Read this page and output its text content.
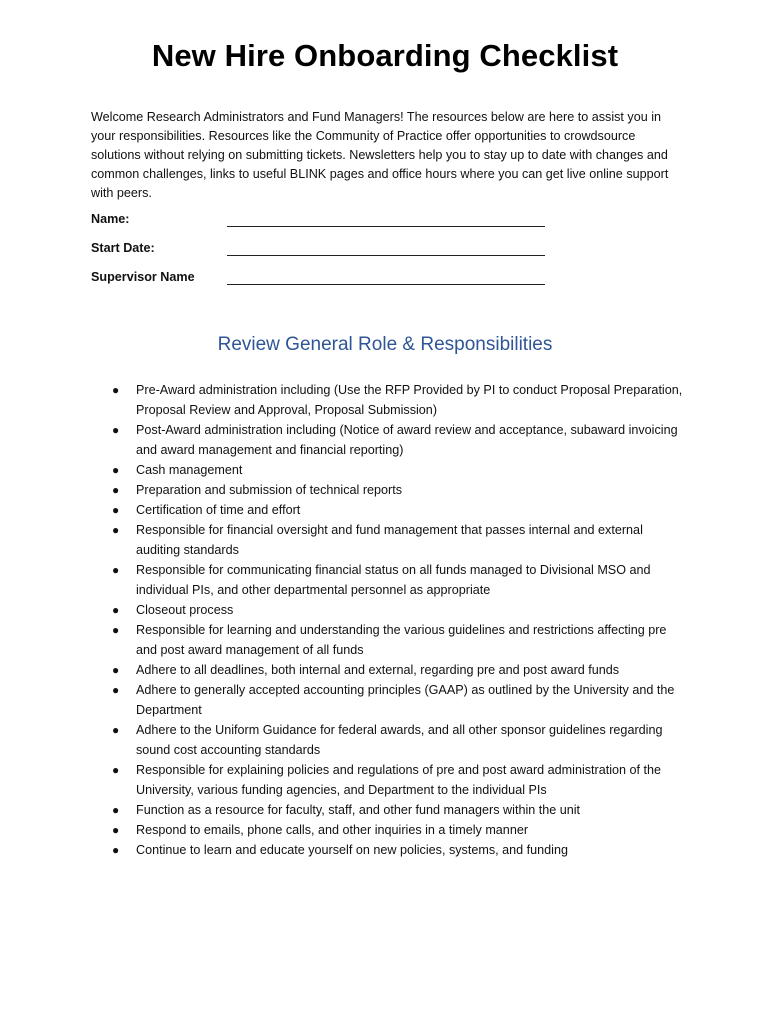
New Hire Onboarding Checklist
Welcome Research Administrators and Fund Managers! The resources below are here to assist you in your responsibilities. Resources like the Community of Practice offer opportunities to crowdsource solutions without relying on submitting tickets. Newsletters help you to stay up to date with changes and common challenges, links to useful BLINK pages and office hours where you can get live online support with peers.
Name:
Start Date:
Supervisor Name
Review General Role & Responsibilities
● Pre-Award administration including (Use the RFP Provided by PI to conduct Proposal Preparation, Proposal Review and Approval, Proposal Submission)
● Post-Award administration including (Notice of award review and acceptance, subaward invoicing and award management and financial reporting)
● Cash management
● Preparation and submission of technical reports
● Certification of time and effort
● Responsible for financial oversight and fund management that passes internal and external auditing standards
● Responsible for communicating financial status on all funds managed to Divisional MSO and individual PIs, and other departmental personnel as appropriate
● Closeout process
● Responsible for learning and understanding the various guidelines and restrictions affecting pre and post award management of all funds
● Adhere to all deadlines, both internal and external, regarding pre and post award funds
● Adhere to generally accepted accounting principles (GAAP) as outlined by the University and the Department
● Adhere to the Uniform Guidance for federal awards, and all other sponsor guidelines regarding sound cost accounting standards
● Responsible for explaining policies and regulations of pre and post award administration of the University, various funding agencies, and Department to the individual PIs
● Function as a resource for faculty, staff, and other fund managers within the unit
● Respond to emails, phone calls, and other inquiries in a timely manner
● Continue to learn and educate yourself on new policies, systems, and funding
